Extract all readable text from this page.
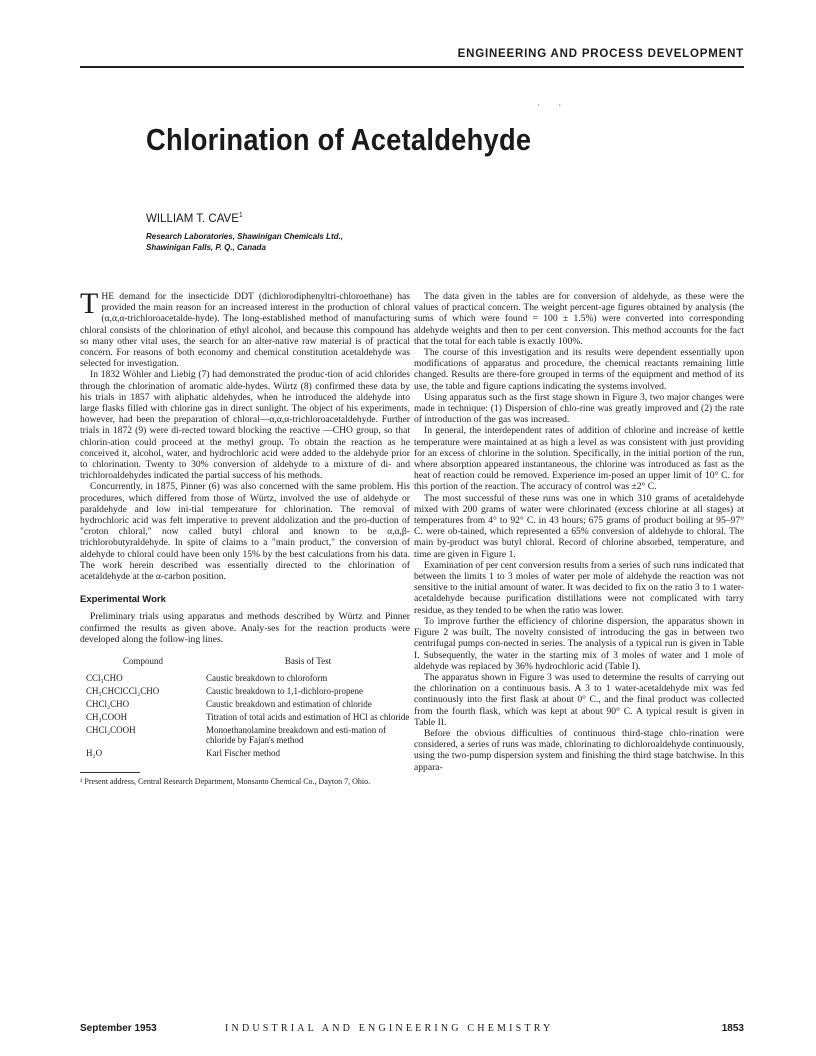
ENGINEERING AND PROCESS DEVELOPMENT
· ·
Chlorination of Acetaldehyde
WILLIAM T. CAVE$^1$
Research Laboratories, Shawinigan Chemicals Ltd.,
Shawinigan Falls, P. Q., Canada

THE demand for the insecticide DDT (dichlorodiphenyltri-chloroethane) has provided the main reason for an increased interest in the production of chloral (α,α,α-trichloroacetalde-hyde). The long-established method of manufacturing chloral consists of the chlorination of ethyl alcohol, and because this compound has so many other vital uses, the search for an alter-native raw material is of practical concern. For reasons of both economy and chemical constitution acetaldehyde was selected for investigation.

In 1832 Wöhler and Liebig (7) had demonstrated the produc-tion of acid chlorides through the chlorination of aromatic alde-hydes. Würtz (8) confirmed these data by his trials in 1857 with aliphatic aldehydes, when he introduced the aldehyde into large flasks filled with chlorine gas in direct sunlight. The object of his experiments, however, had been the preparation of chloral—α,α,α-trichloroacetaldehyde. Further trials in 1872 (9) were di-rected toward blocking the reactive —CHO group, so that chlorin-ation could proceed at the methyl group. To obtain the reaction as he conceived it, alcohol, water, and hydrochloric acid were added to the aldehyde prior to chlorination. Twenty to 30% conversion of aldehyde to a mixture of di- and trichloroaldehydes indicated the partial success of his methods.

Concurrently, in 1875, Pinner (6) was also concerned with the same problem. His procedures, which differed from those of Würtz, involved the use of aldehyde or paraldehyde and low ini-tial temperature for chlorination. The removal of hydrochloric acid was felt imperative to prevent aldolization and the pro-duction of "croton chloral," now called butyl chloral and known to be α,α,β-trichlorobutyraldehyde. In spite of claims to a "main product," the conversion of aldehyde to chloral could have been only 15% by the best calculations from his data. The work herein described was essentially directed to the chlorination of acetaldehyde at the α-carbon position.

Experimental Work

Preliminary trials using apparatus and methods described by Würtz and Pinner confirmed the results as given above. Analy-ses for the reaction products were developed along the follow-ing lines.

Compound	Basis of Test
CCl₃CHO	Caustic breakdown to chloroform
CH₃CHClCCl₂CHO	Caustic breakdown to 1,1-dichloro-propene
CHCl₂CHO	Caustic breakdown and estimation of chloride
CH₃COOH	Titration of total acids and estimation of HCl as chloride
CHCl₂COOH	Monoethanolamine breakdown and esti-mation of chloride by Fajan's method
H₂O	Karl Fischer method
¹ Present address, Central Research Department, Monsanto Chemical Co., Dayton 7, Ohio.

The data given in the tables are for conversion of aldehyde, as these were the values of practical concern. The weight percent-age figures obtained by analysis (the sums of which were found = 100 ± 1.5%) were converted into corresponding aldehyde weights and then to per cent conversion. This method accounts for the fact that the total for each table is exactly 100%.

The course of this investigation and its results were dependent essentially upon modifications of apparatus and procedure, the chemical reactants remaining little changed. Results are there-fore grouped in terms of the equipment and method of its use, the table and figure captions indicating the systems involved.

Using apparatus such as the first stage shown in Figure 3, two major changes were made in technique: (1) Dispersion of chlo-rine was greatly improved and (2) the rate of introduction of the gas was increased.

In general, the interdependent rates of addition of chlorine and increase of kettle temperature were maintained at as high a level as was consistent with just providing for an excess of chlorine in the solution. Specifically, in the initial portion of the run, where absorption appeared instantaneous, the chlorine was introduced as fast as the heat of reaction could be removed. Experience im-posed an upper limit of 10° C. for this portion of the reaction. The accuracy of control was ±2° C.

The most successful of these runs was one in which 310 grams of acetaldehyde mixed with 200 grams of water were chlorinated (excess chlorine at all stages) at temperatures from 4° to 92° C. in 43 hours; 675 grams of product boiling at 95–97° C. were ob-tained, which represented a 65% conversion of aldehyde to chloral. The main by-product was butyl chloral. Record of chlorine absorbed, temperature, and time are given in Figure 1.

Examination of per cent conversion results from a series of such runs indicated that between the limits 1 to 3 moles of water per mole of aldehyde the reaction was not sensitive to the initial amount of water. It was decided to fix on the ratio 3 to 1 water-acetaldehyde because purification distillations were not complicated with tarry residue, as they tended to be when the ratio was lower.

To improve further the efficiency of chlorine dispersion, the apparatus shown in Figure 2 was built. The novelty consisted of introducing the gas in between two centrifugal pumps con-nected in series. The analysis of a typical run is given in Table I. Subsequently, the water in the starting mix of 3 moles of water and 1 mole of aldehyde was replaced by 36% hydrochloric acid (Table I).

The apparatus shown in Figure 3 was used to determine the results of carrying out the chlorination on a continuous basis. A 3 to 1 water-acetaldehyde mix was fed continuously into the first flask at about 0° C., and the final product was collected from the fourth flask, which was kept at about 90° C. A typical result is given in Table II.

Before the obvious difficulties of continuous third-stage chlo-rination were considered, a series of runs was made, chlorinating to dichloroaldehyde continuously, using the two-pump dispersion system and finishing the third stage batchwise. In this appara-

September 1953	INDUSTRIAL AND ENGINEERING CHEMISTRY	1853
